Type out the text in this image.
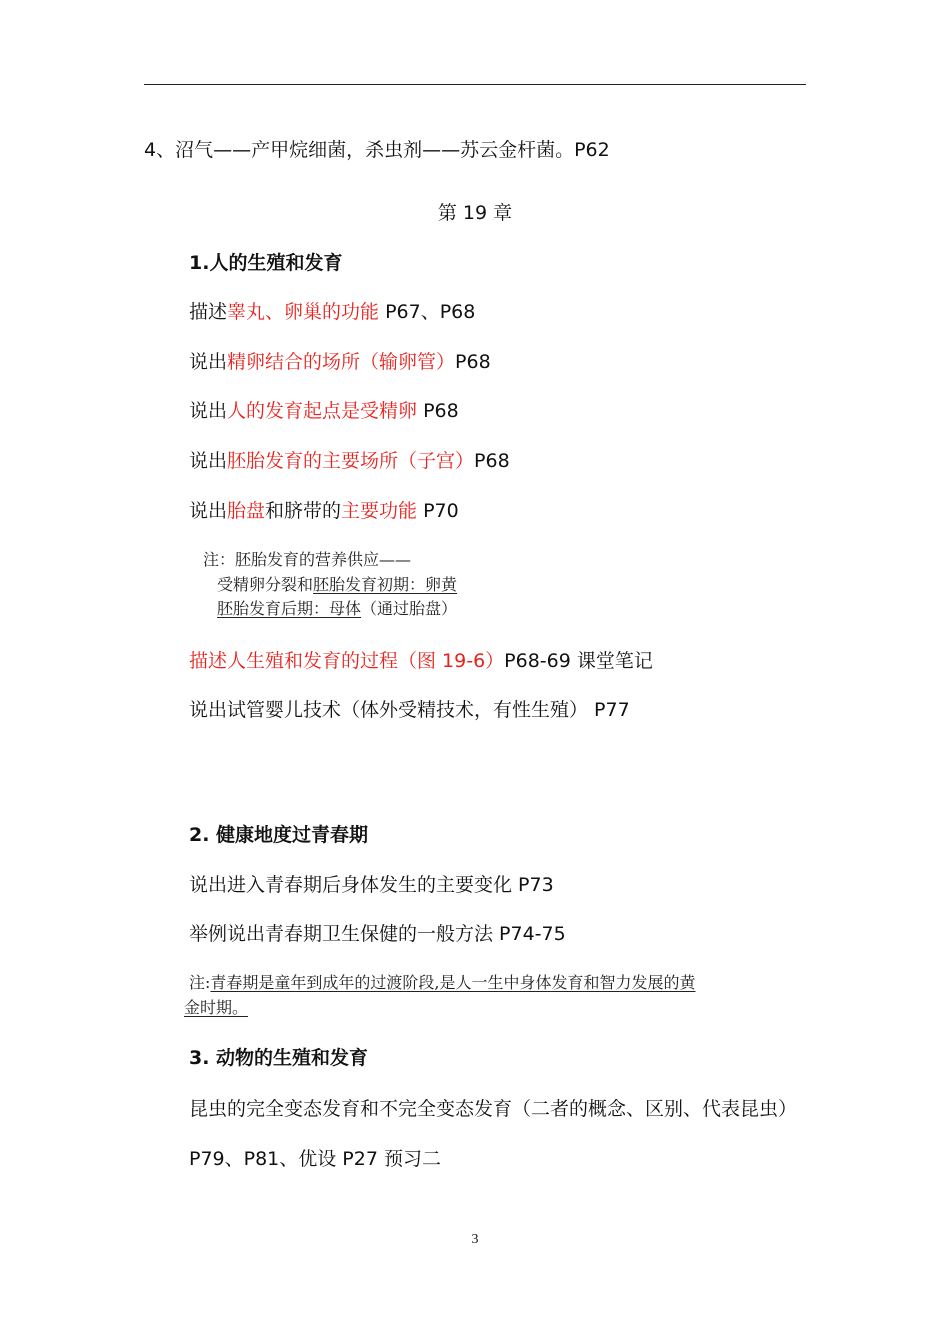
4、沼气——产甲烷细菌，杀虫剂——苏云金杆菌。P62
第 19 章
1.人的生殖和发育
描述睾丸、卵巢的功能 P67、P68
说出精卵结合的场所（输卵管）P68
说出人的发育起点是受精卵 P68
说出胚胎发育的主要场所（子宫）P68
说出胎盘和脐带的主要功能 P70
注：胚胎发育的营养供应——
受精卵分裂和胚胎发育初期：卵黄
胚胎发育后期：母体（通过胎盘）
描述人生殖和发育的过程（图 19-6）P68-69 课堂笔记
说出试管婴儿技术（体外受精技术，有性生殖） P77
2. 健康地度过青春期
说出进入青春期后身体发生的主要变化 P73
举例说出青春期卫生保健的一般方法 P74-75
注:青春期是童年到成年的过渡阶段,是人一生中身体发育和智力发展的黄
金时期。
3. 动物的生殖和发育
昆虫的完全变态发育和不完全变态发育（二者的概念、区别、代表昆虫）
P79、P81、优设 P27 预习二
3
